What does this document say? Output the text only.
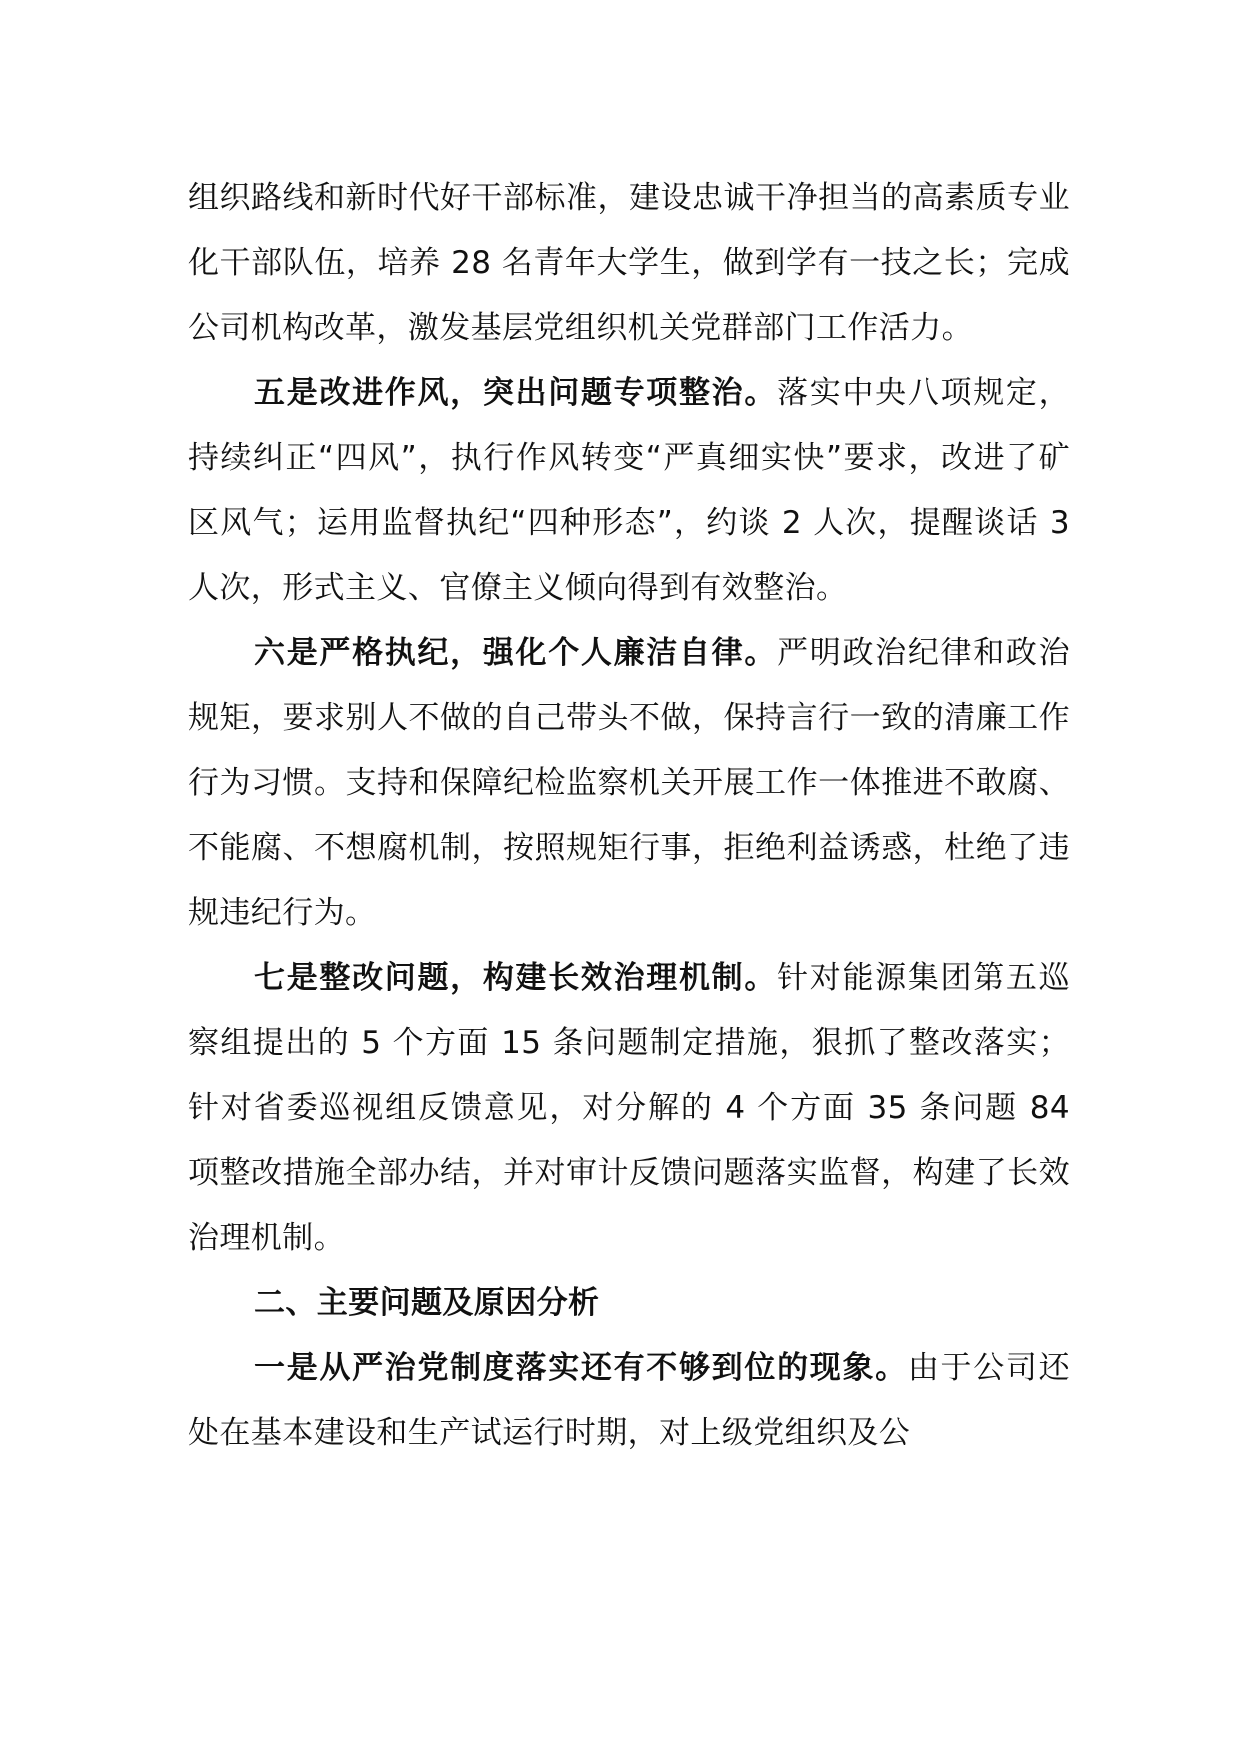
组织路线和新时代好干部标准，建设忠诚干净担当的高素质专业化干部队伍，培养 28 名青年大学生，做到学有一技之长；完成公司机构改革，激发基层党组织机关党群部门工作活力。

五是改进作风，突出问题专项整治。落实中央八项规定，持续纠正“四风”，执行作风转变“严真细实快”要求，改进了矿区风气；运用监督执纪“四种形态”，约谈 2 人次，提醒谈话 3 人次，形式主义、官僚主义倾向得到有效整治。

六是严格执纪，强化个人廉洁自律。严明政治纪律和政治规矩，要求别人不做的自己带头不做，保持言行一致的清廉工作行为习惯。支持和保障纪检监察机关开展工作一体推进不敢腐、不能腐、不想腐机制，按照规矩行事，拒绝利益诱惑，杜绝了违规违纪行为。

七是整改问题，构建长效治理机制。针对能源集团第五巡察组提出的 5 个方面 15 条问题制定措施，狠抓了整改落实；针对省委巡视组反馈意见，对分解的 4 个方面 35 条问题 84 项整改措施全部办结，并对审计反馈问题落实监督，构建了长效治理机制。

二、主要问题及原因分析

一是从严治党制度落实还有不够到位的现象。由于公司还处在基本建设和生产试运行时期，对上级党组织及公
